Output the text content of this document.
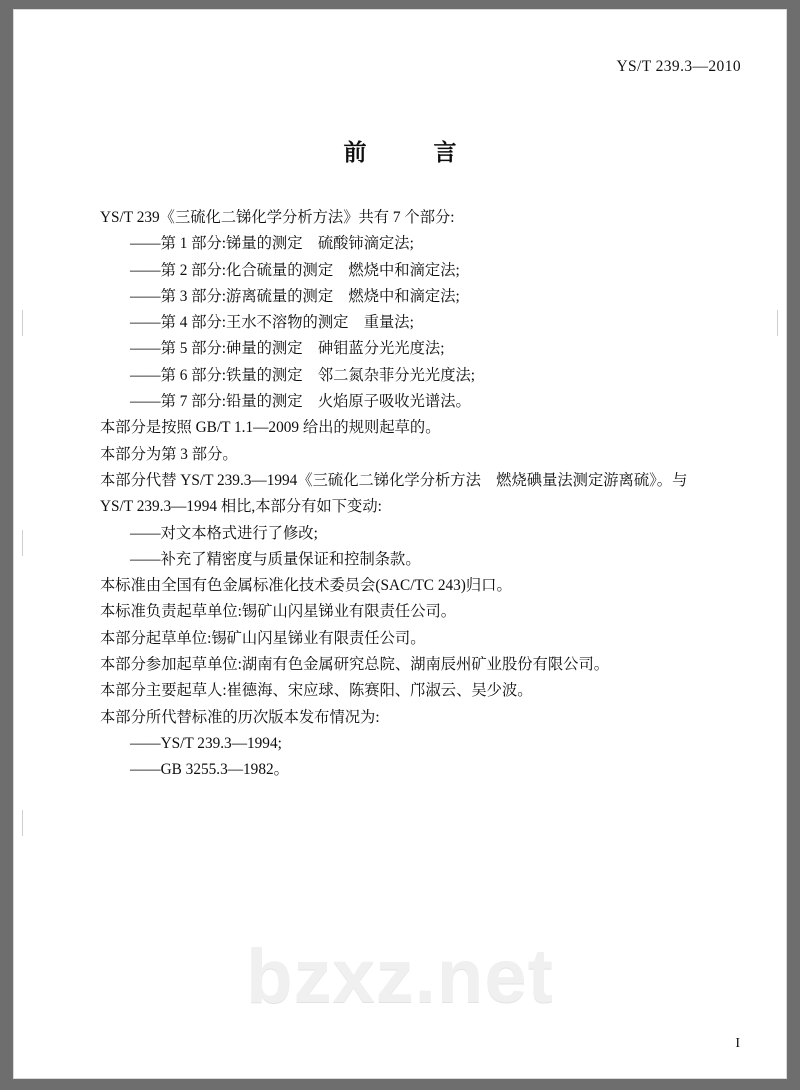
YS/T 239.3—2010
前　言
YS/T 239《三硫化二锑化学分析方法》共有 7 个部分:
——第 1 部分:锑量的测定　硫酸铈滴定法;
——第 2 部分:化合硫量的测定　燃烧中和滴定法;
——第 3 部分:游离硫量的测定　燃烧中和滴定法;
——第 4 部分:王水不溶物的测定　重量法;
——第 5 部分:砷量的测定　砷钼蓝分光光度法;
——第 6 部分:铁量的测定　邻二氮杂菲分光光度法;
——第 7 部分:铅量的测定　火焰原子吸收光谱法。
本部分是按照 GB/T 1.1—2009 给出的规则起草的。
本部分为第 3 部分。
本部分代替 YS/T 239.3—1994《三硫化二锑化学分析方法　燃烧碘量法测定游离硫》。与
YS/T 239.3—1994 相比,本部分有如下变动:
——对文本格式进行了修改;
——补充了精密度与质量保证和控制条款。
本标准由全国有色金属标准化技术委员会(SAC/TC 243)归口。
本标准负责起草单位:锡矿山闪星锑业有限责任公司。
本部分起草单位:锡矿山闪星锑业有限责任公司。
本部分参加起草单位:湖南有色金属研究总院、湖南辰州矿业股份有限公司。
本部分主要起草人:崔德海、宋应球、陈赛阳、邝淑云、吴少波。
本部分所代替标准的历次版本发布情况为:
——YS/T 239.3—1994;
——GB 3255.3—1982。
bzxz.net
I
